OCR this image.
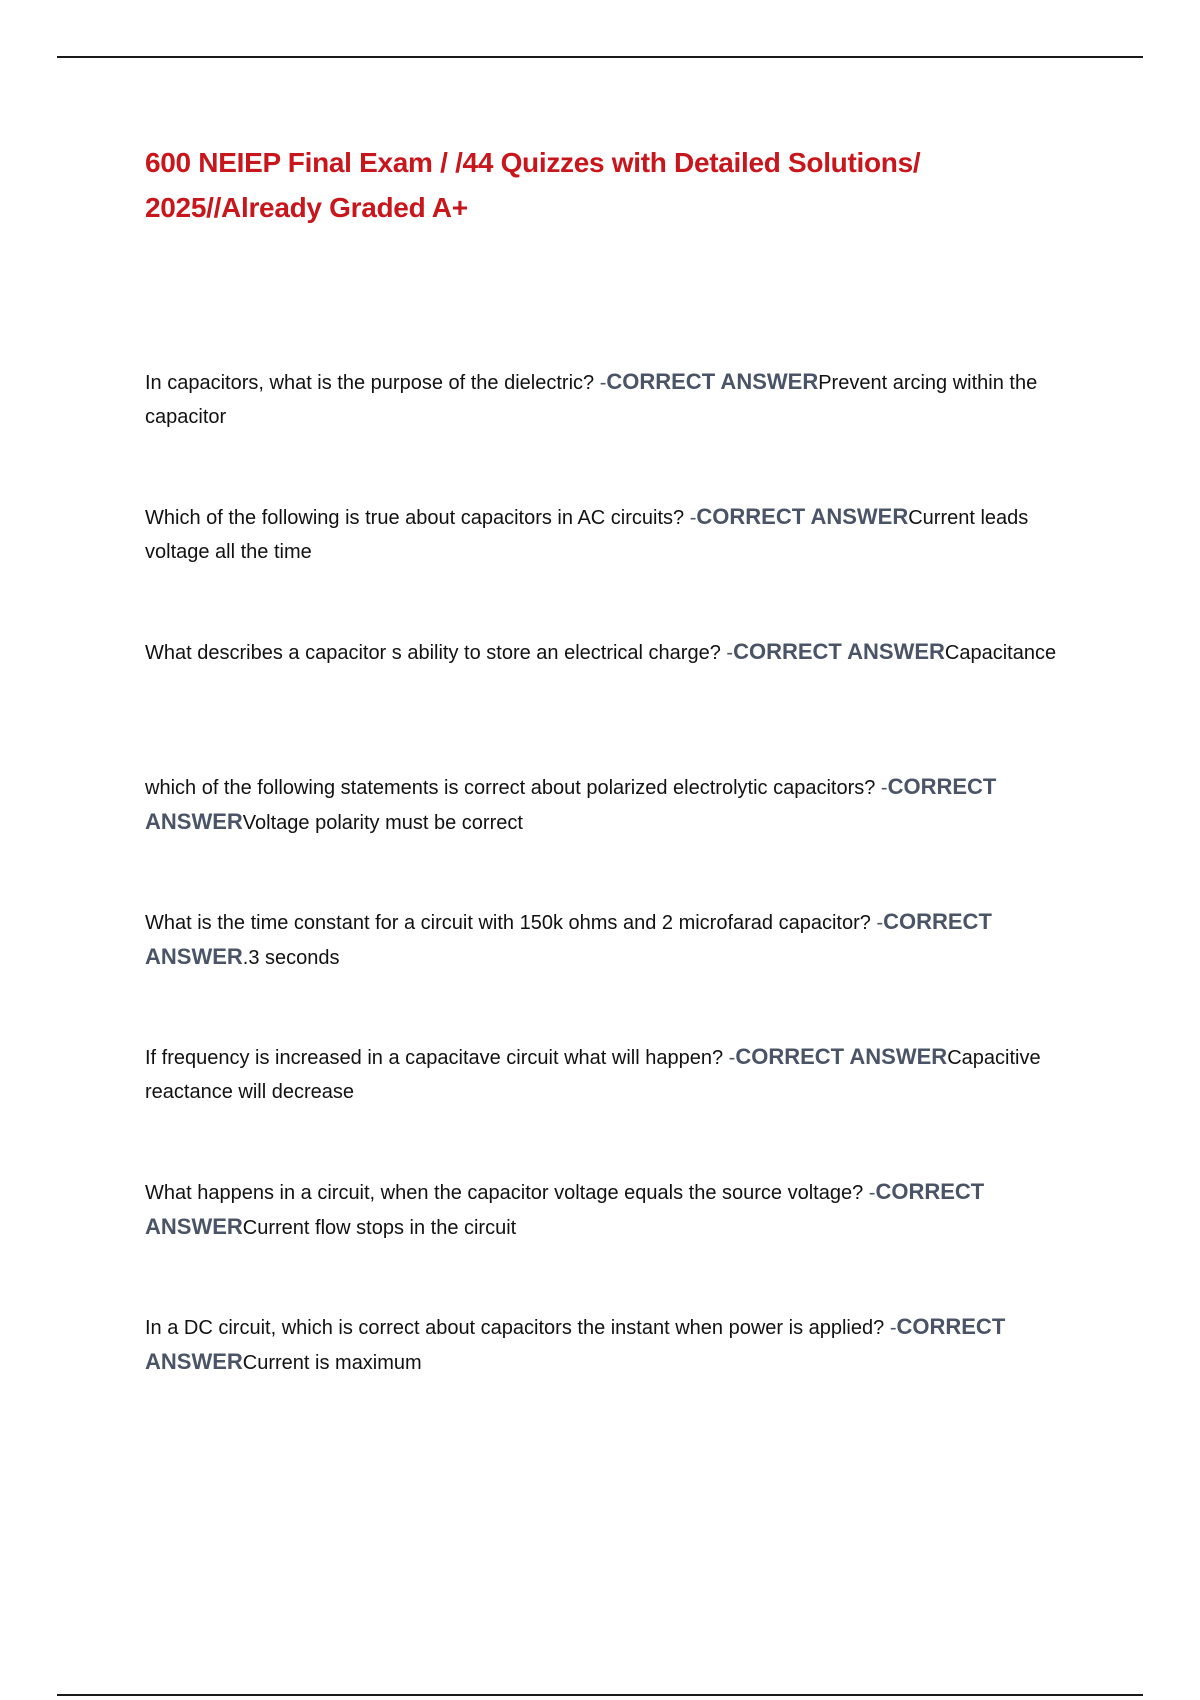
600 NEIEP Final Exam / /44 Quizzes with Detailed Solutions/
2025//Already Graded A+
In capacitors, what is the purpose of the dielectric? -CORRECT ANSWERPrevent arcing within the capacitor
Which of the following is true about capacitors in AC circuits? -CORRECT ANSWERCurrent leads voltage all the time
What describes a capacitor s ability to store an electrical charge? -CORRECT ANSWERCapacitance
which of the following statements is correct about polarized electrolytic capacitors? -CORRECT ANSWERVoltage polarity must be correct
What is the time constant for a circuit with 150k ohms and 2 microfarad capacitor? -CORRECT ANSWER.3 seconds
If frequency is increased in a capacitave circuit what will happen? -CORRECT ANSWERCapacitive reactance will decrease
What happens in a circuit, when the capacitor voltage equals the source voltage? -CORRECT ANSWERCurrent flow stops in the circuit
In a DC circuit, which is correct about capacitors the instant when power is applied? -CORRECT ANSWERCurrent is maximum
